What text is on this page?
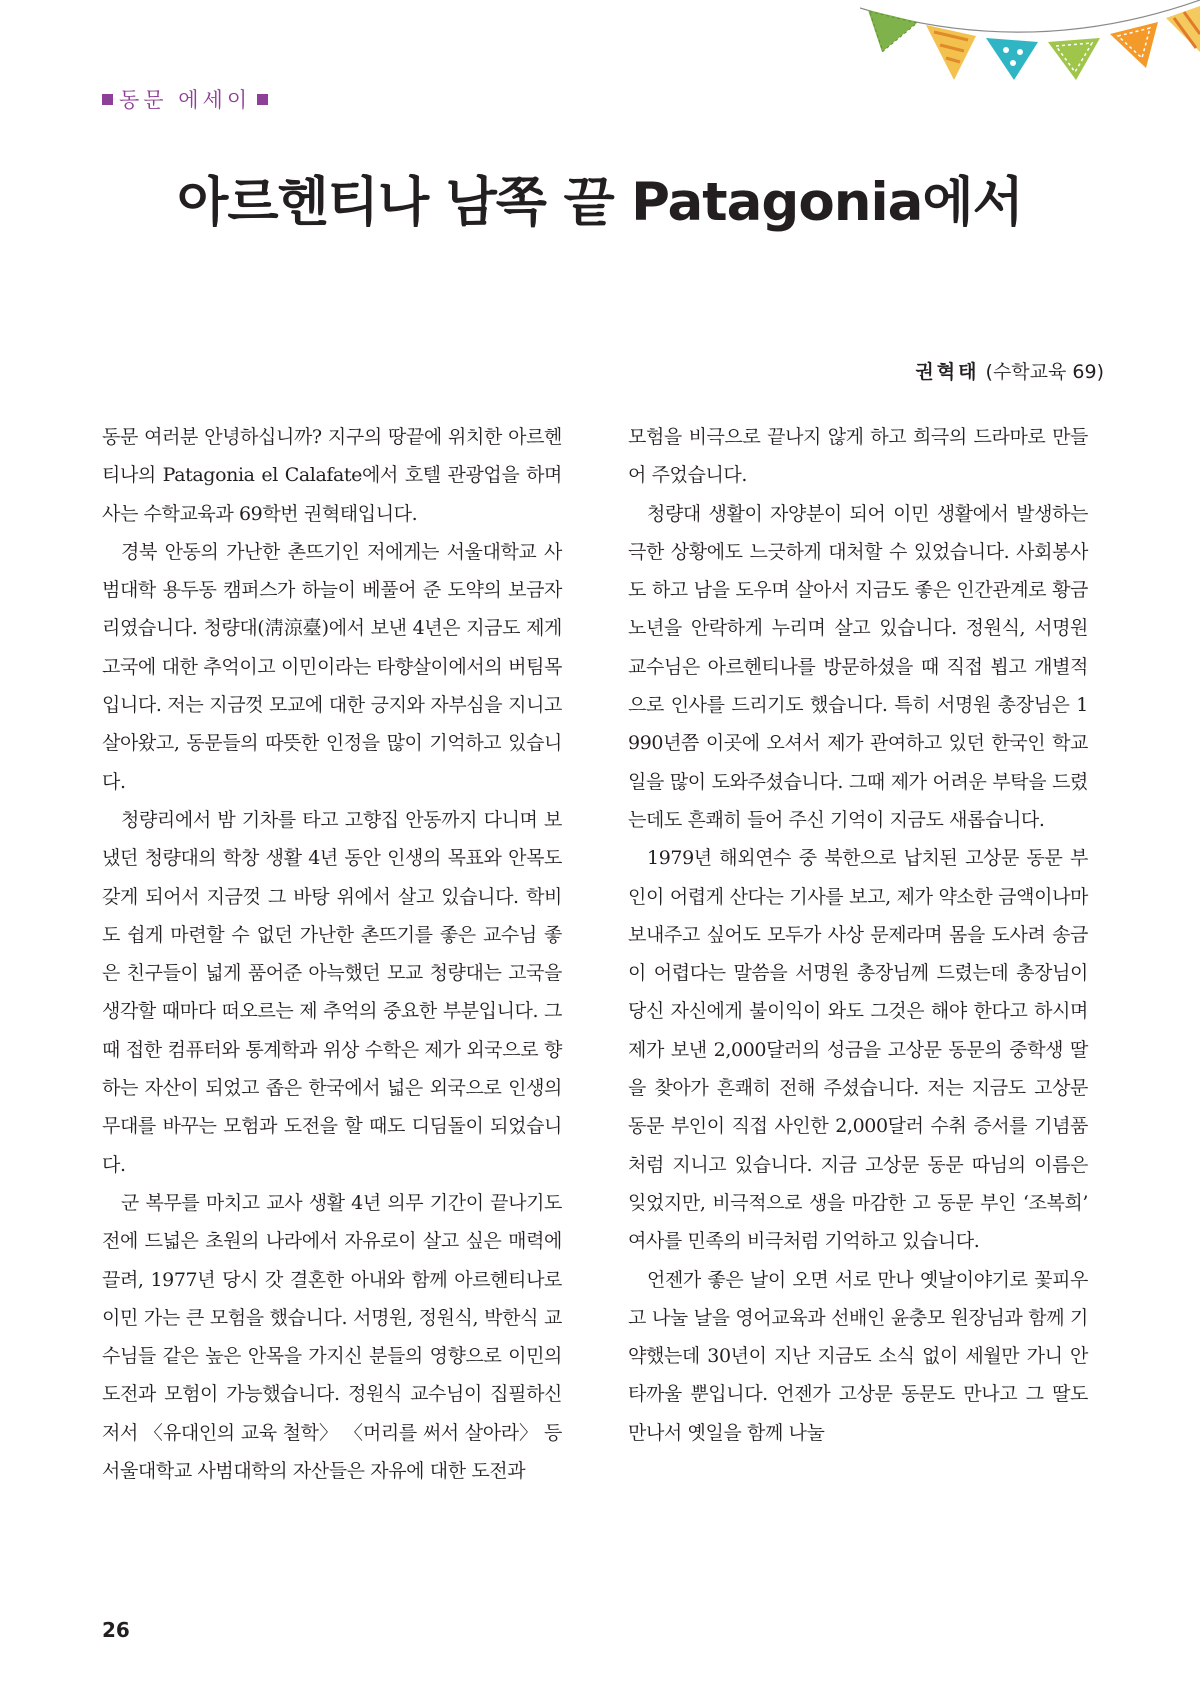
동문 에세이
아르헨티나 남쪽 끝 Patagonia에서
권혁태 (수학교육 69)

동문 여러분 안녕하십니까? 지구의 땅끝에 위치한 아르헨티나의 Patagonia el Calafate에서 호텔 관광업을 하며 사는 수학교육과 69학번 권혁태입니다.

경북 안동의 가난한 촌뜨기인 저에게는 서울대학교 사범대학 용두동 캠퍼스가 하늘이 베풀어 준 도약의 보금자리였습니다. 청량대(淸涼臺)에서 보낸 4년은 지금도 제게 고국에 대한 추억이고 이민이라는 타향살이에서의 버팀목입니다. 저는 지금껏 모교에 대한 긍지와 자부심을 지니고 살아왔고, 동문들의 따뜻한 인정을 많이 기억하고 있습니다.

청량리에서 밤 기차를 타고 고향집 안동까지 다니며 보냈던 청량대의 학창 생활 4년 동안 인생의 목표와 안목도 갖게 되어서 지금껏 그 바탕 위에서 살고 있습니다. 학비도 쉽게 마련할 수 없던 가난한 촌뜨기를 좋은 교수님 좋은 친구들이 넓게 품어준 아늑했던 모교 청량대는 고국을 생각할 때마다 떠오르는 제 추억의 중요한 부분입니다. 그때 접한 컴퓨터와 통계학과 위상 수학은 제가 외국으로 향하는 자산이 되었고 좁은 한국에서 넓은 외국으로 인생의 무대를 바꾸는 모험과 도전을 할 때도 디딤돌이 되었습니다.

군 복무를 마치고 교사 생활 4년 의무 기간이 끝나기도 전에 드넓은 초원의 나라에서 자유로이 살고 싶은 매력에 끌려, 1977년 당시 갓 결혼한 아내와 함께 아르헨티나로 이민 가는 큰 모험을 했습니다. 서명원, 정원식, 박한식 교수님들 같은 높은 안목을 가지신 분들의 영향으로 이민의 도전과 모험이 가능했습니다. 정원식 교수님이 집필하신 저서 〈유대인의 교육 철학〉 〈머리를 써서 살아라〉 등 서울대학교 사범대학의 자산들은 자유에 대한 도전과

모험을 비극으로 끝나지 않게 하고 희극의 드라마로 만들어 주었습니다.

청량대 생활이 자양분이 되어 이민 생활에서 발생하는 극한 상황에도 느긋하게 대처할 수 있었습니다. 사회봉사도 하고 남을 도우며 살아서 지금도 좋은 인간관계로 황금 노년을 안락하게 누리며 살고 있습니다. 정원식, 서명원 교수님은 아르헨티나를 방문하셨을 때 직접 뵙고 개별적으로 인사를 드리기도 했습니다. 특히 서명원 총장님은 1990년쯤 이곳에 오셔서 제가 관여하고 있던 한국인 학교 일을 많이 도와주셨습니다. 그때 제가 어려운 부탁을 드렸는데도 흔쾌히 들어 주신 기억이 지금도 새롭습니다.

1979년 해외연수 중 북한으로 납치된 고상문 동문 부인이 어렵게 산다는 기사를 보고, 제가 약소한 금액이나마 보내주고 싶어도 모두가 사상 문제라며 몸을 도사려 송금이 어렵다는 말씀을 서명원 총장님께 드렸는데 총장님이 당신 자신에게 불이익이 와도 그것은 해야 한다고 하시며 제가 보낸 2,000달러의 성금을 고상문 동문의 중학생 딸을 찾아가 흔쾌히 전해 주셨습니다. 저는 지금도 고상문 동문 부인이 직접 사인한 2,000달러 수취 증서를 기념품처럼 지니고 있습니다. 지금 고상문 동문 따님의 이름은 잊었지만, 비극적으로 생을 마감한 고 동문 부인 ‘조복희’ 여사를 민족의 비극처럼 기억하고 있습니다.

언젠가 좋은 날이 오면 서로 만나 옛날이야기로 꽃피우고 나눌 날을 영어교육과 선배인 윤충모 원장님과 함께 기약했는데 30년이 지난 지금도 소식 없이 세월만 가니 안타까울 뿐입니다. 언젠가 고상문 동문도 만나고 그 딸도 만나서 옛일을 함께 나눌

26
